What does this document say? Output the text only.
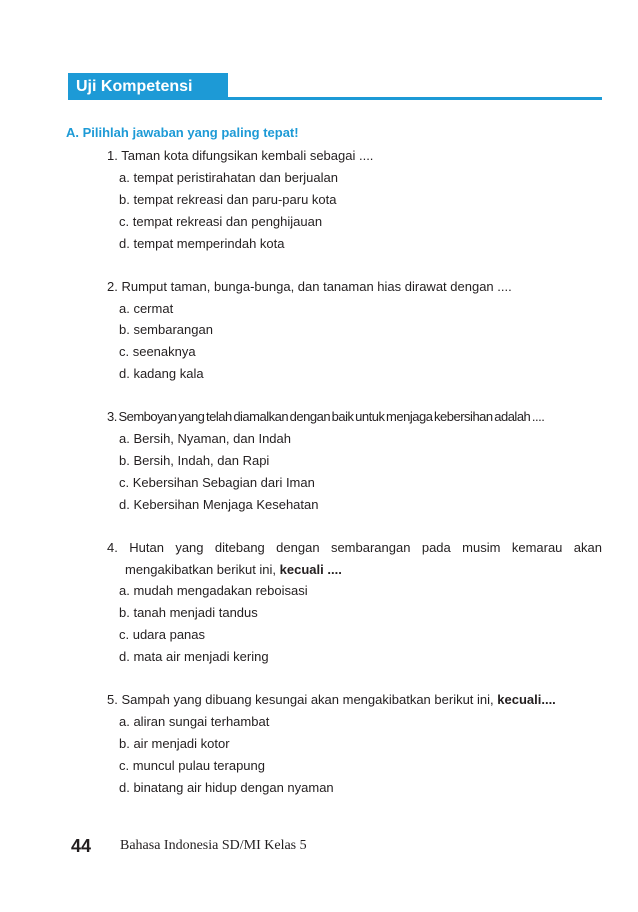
Uji Kompetensi
A. Pilihlah jawaban yang paling tepat!
1. Taman kota difungsikan kembali sebagai ....
a. tempat peristirahatan dan berjualan
b. tempat rekreasi dan paru-paru kota
c. tempat rekreasi dan penghijauan
d. tempat memperindah kota
2. Rumput taman, bunga-bunga, dan tanaman hias dirawat dengan ....
a. cermat
b. sembarangan
c. seenaknya
d. kadang kala
3. Semboyan yang telah diamalkan dengan baik untuk menjaga kebersihan adalah ....
a. Bersih, Nyaman, dan Indah
b. Bersih, Indah, dan Rapi
c. Kebersihan Sebagian dari Iman
d. Kebersihan Menjaga Kesehatan
4. Hutan yang ditebang dengan sembarangan pada musim kemarau akan
mengakibatkan berikut ini, kecuali ....
a. mudah mengadakan reboisasi
b. tanah menjadi tandus
c. udara panas
d. mata air menjadi kering
5. Sampah yang dibuang kesungai akan mengakibatkan berikut ini, kecuali....
a. aliran sungai terhambat
b. air menjadi kotor
c. muncul pulau terapung
d. binatang air hidup dengan nyaman
44 Bahasa Indonesia SD/MI Kelas 5
